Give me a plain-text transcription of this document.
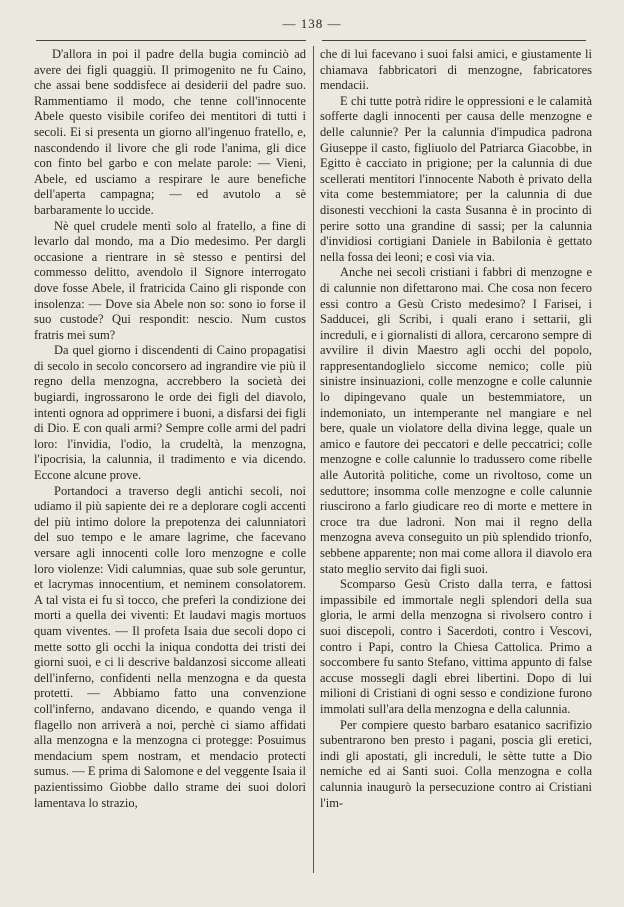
— 138 —

D'allora in poi il padre della bugia cominciò ad avere dei figli quaggiù. Il primogenito ne fu Caino, che assai bene soddisfece ai desiderii del padre suo. Rammentiamo il modo, che tenne coll'innocente Abele questo visibile corifeo dei mentitori di tutti i secoli. Ei si presenta un giorno all'ingenuo fratello, e, nascondendo il livore che gli rode l'anima, gli dice con finto bel garbo e con melate parole: — Vieni, Abele, ed usciamo a respirare le aure benefiche dell'aperta campagna; — ed avutolo a sè barbaramente lo uccide.

Nè quel crudele mentì solo al fratello, a fine di levarlo dal mondo, ma a Dio medesimo. Per dargli occasione a rientrare in sè stesso e pentirsi del commesso delitto, avendolo il Signore interrogato dove fosse Abele, il fratricida Caino gli risponde con insolenza: — Dove sia Abele non so: sono io forse il suo custode? Qui respondit: nescio. Num custos fratris mei sum?

Da quel giorno i discendenti di Caino propagatisi di secolo in secolo concorsero ad ingrandire vie più il regno della menzogna, accrebbero la società dei bugiardi, ingrossarono le orde dei figli del diavolo, intenti ognora ad opprimere i buoni, a disfarsi dei figli di Dio. E con quali armi? Sempre colle armi del padri loro: l'invidia, l'odio, la crudeltà, la menzogna, l'ipocrisia, la calunnia, il tradimento e via dicendo. Eccone alcune prove.

Portandoci a traverso degli antichi secoli, noi udiamo il più sapiente dei re a deplorare cogli accenti del più intimo dolore la prepotenza dei calunniatori del suo tempo e le amare lagrime, che facevano versare agli innocenti colle loro menzogne e colle loro violenze: Vidi calumnias, quae sub sole geruntur, et lacrymas innocentium, et neminem consolatorem. A tal vista ei fu sì tocco, che preferì la condizione dei morti a quella dei viventi: Et laudavi magis mortuos quam viventes. — Il profeta Isaia due secoli dopo ci mette sotto gli occhi la iniqua condotta dei tristi dei giorni suoi, e ci li descrive baldanzosi siccome alleati dell'inferno, confidenti nella menzogna e da questa protetti. — Abbiamo fatto una convenzione coll'inferno, andavano dicendo, e quando venga il flagello non arriverà a noi, perchè ci siamo affidati alla menzogna e la menzogna ci protegge: Posuimus mendacium spem nostram, et mendacio protecti sumus. — E prima di Salomone e del veggente Isaia il pazientissimo Giobbe dallo strame dei suoi dolori lamentava lo strazio,

che di lui facevano i suoi falsi amici, e giustamente li chiamava fabbricatori di menzogne, fabricatores mendacii.

E chi tutte potrà ridire le oppressioni e le calamità sofferte dagli innocenti per causa delle menzogne e delle calunnie? Per la calunnia d'impudica padrona Giuseppe il casto, figliuolo del Patriarca Giacobbe, in Egitto è cacciato in prigione; per la calunnia di due scellerati mentitori l'innocente Naboth è privato della vita come bestemmiatore; per la calunnia di due disonesti vecchioni la casta Susanna è in procinto di perire sotto una grandine di sassi; per la calunnia d'invidiosi cortigiani Daniele in Babilonia è gettato nella fossa dei leoni; e così via via.

Anche nei secoli cristiani i fabbri di menzogne e di calunnie non difettarono mai. Che cosa non fecero essi contro a Gesù Cristo medesimo? I Farisei, i Sadducei, gli Scribi, i quali erano i settarii, gli increduli, e i giornalisti di allora, cercarono sempre di avvilire il divin Maestro agli occhi del popolo, rappresentandoglielo siccome nemico; colle più sinistre insinuazioni, colle menzogne e colle calunnie lo dipingevano quale un bestemmiatore, un indemoniato, un intemperante nel mangiare e nel bere, quale un violatore della divina legge, quale un amico e fautore dei peccatori e delle peccatrici; colle menzogne e colle calunnie lo tradussero come ribelle alle Autorità politiche, come un rivoltoso, come un seduttore; insomma colle menzogne e colle calunnie riuscirono a farlo giudicare reo di morte e mettere in croce tra due ladroni. Non mai il regno della menzogna aveva conseguito un più splendido trionfo, sebbene apparente; non mai come allora il diavolo era stato meglio servito dai figli suoi.

Scomparso Gesù Cristo dalla terra, e fattosi impassibile ed immortale negli splendori della sua gloria, le armi della menzogna si rivolsero contro i suoi discepoli, contro i Sacerdoti, contro i Vescovi, contro i Papi, contro la Chiesa Cattolica. Primo a soccombere fu santo Stefano, vittima appunto di false accuse mossegli dagli ebrei libertini. Dopo di lui milioni di Cristiani di ogni sesso e condizione furono immolati sull'ara della menzogna e della calunnia.

Per compiere questo barbaro esatanico sacrifizio subentrarono ben presto i pagani, poscia gli eretici, indi gli apostati, gli increduli, le sètte tutte a Dio nemiche ed ai Santi suoi. Colla menzogna e colla calunnia inaugurò la persecuzione contro ai Cristiani l'im-
